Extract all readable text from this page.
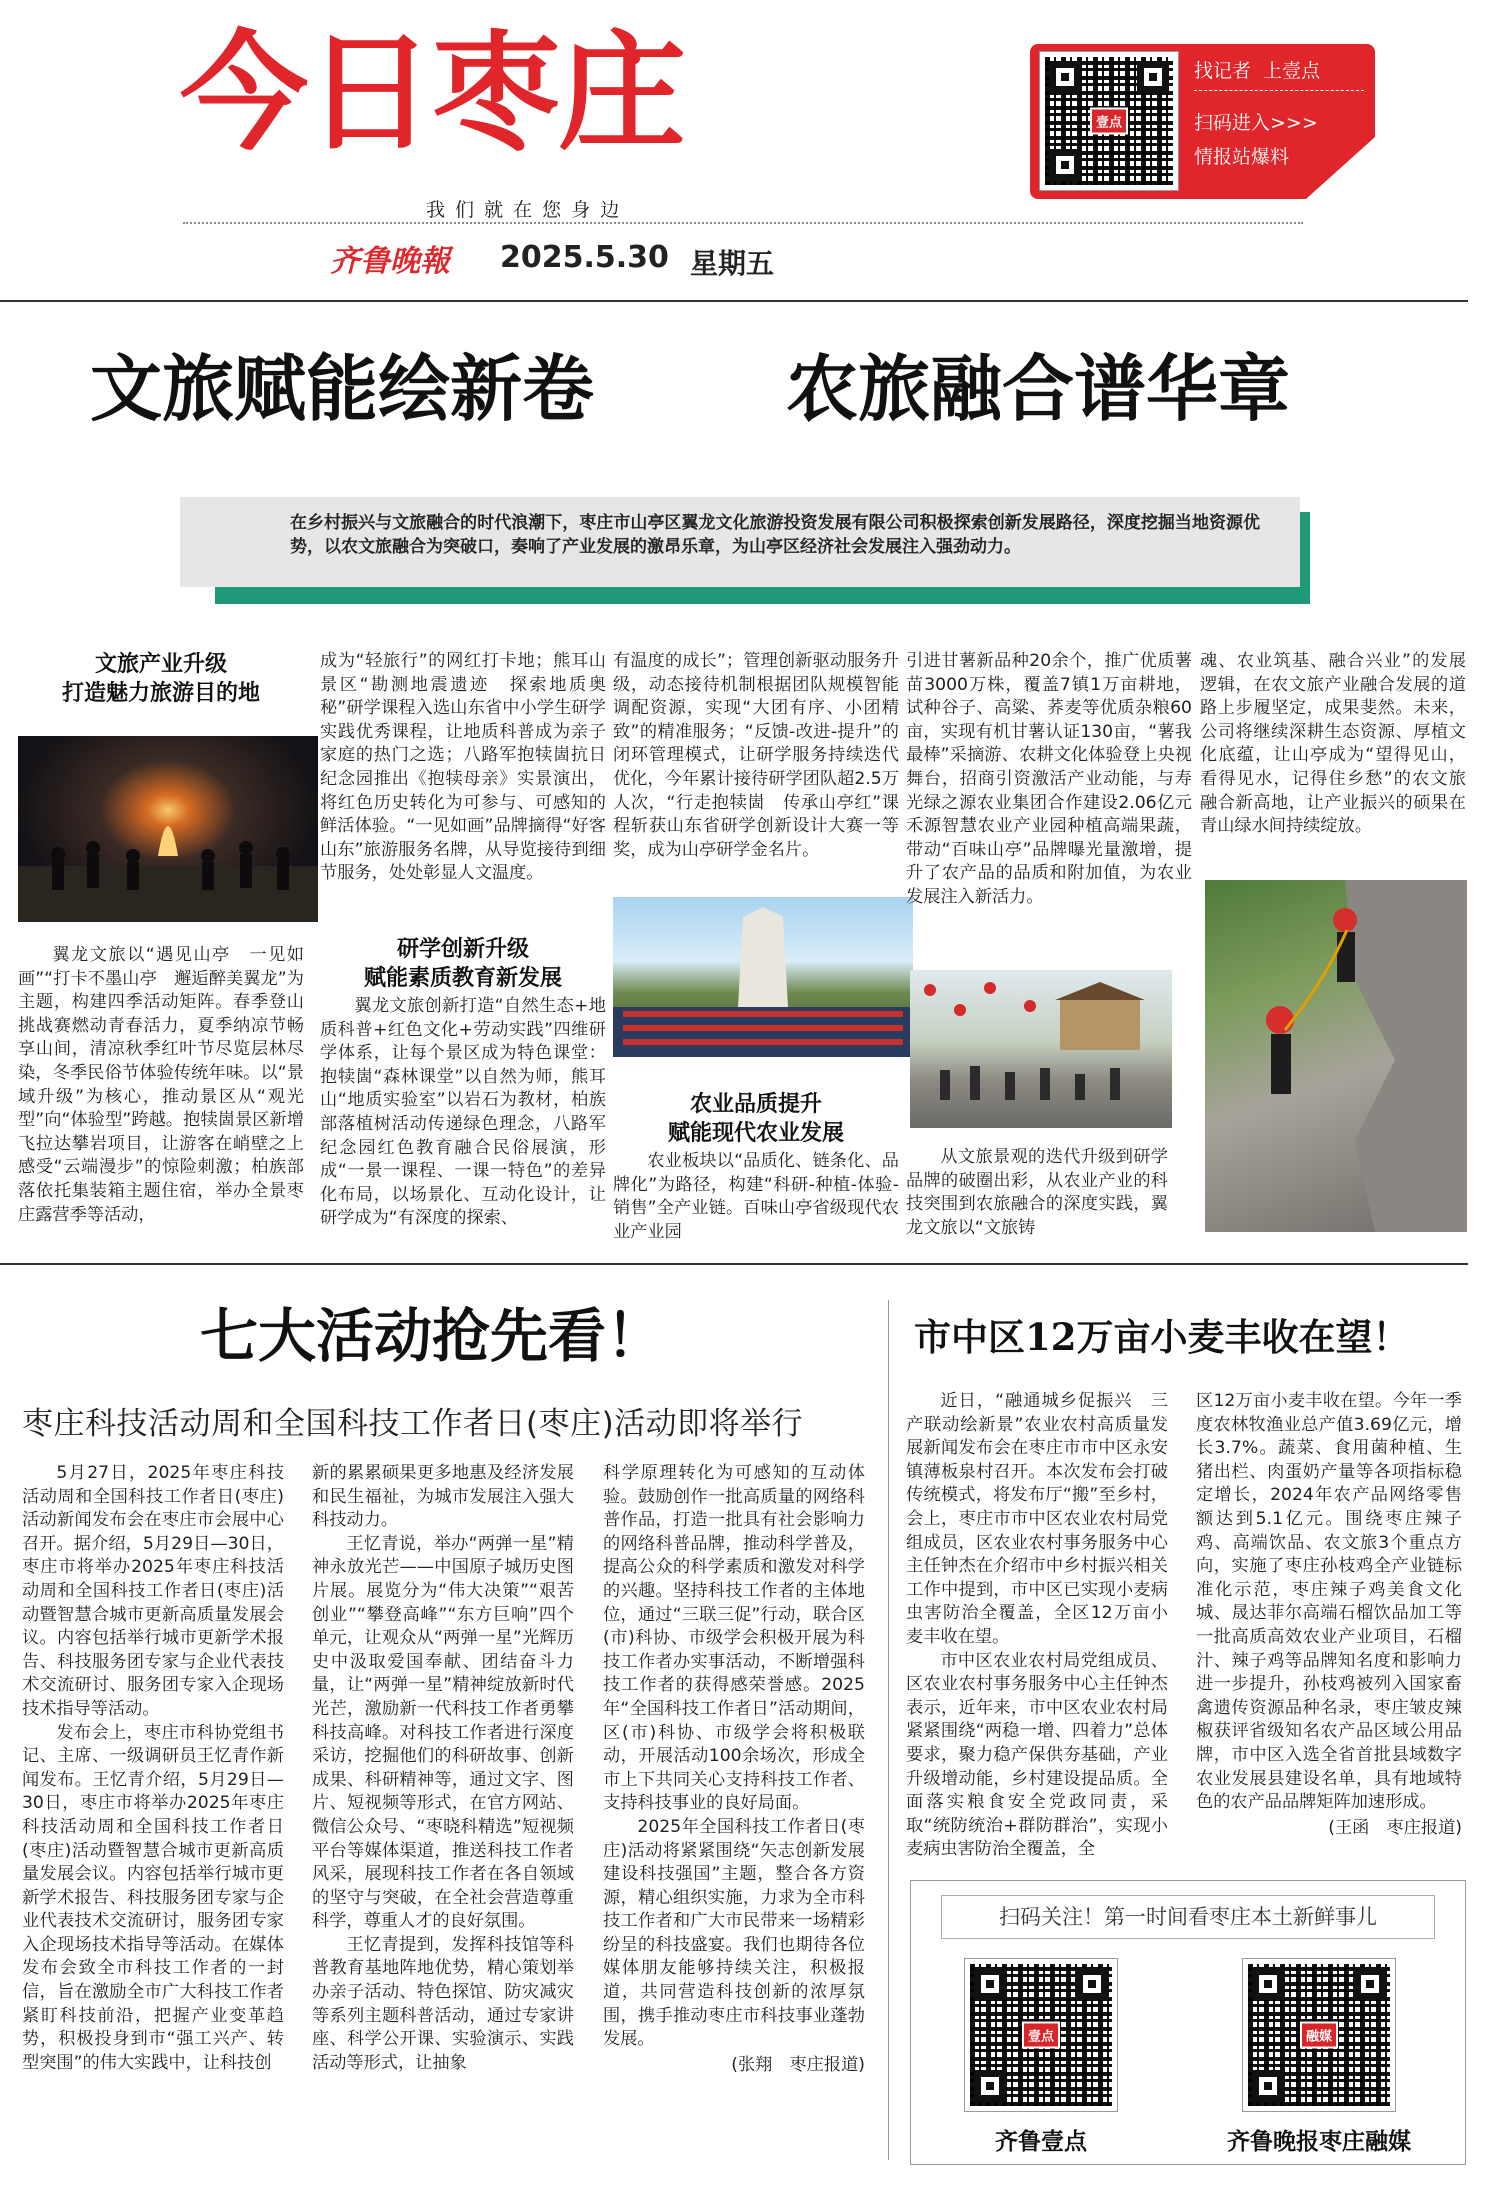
今日枣庄
我 们 就 在 您 身 边
齐鲁晚報 2025.5.30 星期五
壹点
找记者  上壹点
扫码进入>>>
情报站爆料
文旅赋能绘新卷	农旅融合谱华章
在乡村振兴与文旅融合的时代浪潮下，枣庄市山亭区翼龙文化旅游投资发展有限公司积极探索创新发展路径，深度挖掘当地资源优势，以农文旅融合为突破口，奏响了产业发展的激昂乐章，为山亭区经济社会发展注入强劲动力。
文旅产业升级
打造魅力旅游目的地

翼龙文旅以“遇见山亭　一见如画”“打卡不墨山亭　邂逅醉美翼龙”为主题，构建四季活动矩阵。春季登山挑战赛燃动青春活力，夏季纳凉节畅享山间，清凉秋季红叶节尽览层林尽染，冬季民俗节体验传统年味。以“景域升级”为核心，推动景区从“观光型”向“体验型”跨越。抱犊崮景区新增飞拉达攀岩项目，让游客在峭壁之上感受“云端漫步”的惊险刺激；柏族部落依托集装箱主题住宿，举办全景枣庄露营季等活动，

成为“轻旅行”的网红打卡地；熊耳山景区“勘测地震遗迹　探索地质奥秘”研学课程入选山东省中小学生研学实践优秀课程，让地质科普成为亲子家庭的热门之选；八路军抱犊崮抗日纪念园推出《抱犊母亲》实景演出，将红色历史转化为可参与、可感知的鲜活体验。“一见如画”品牌摘得“好客山东”旅游服务名牌，从导览接待到细节服务，处处彰显人文温度。
研学创新升级
赋能素质教育新发展

翼龙文旅创新打造“自然生态+地质科普+红色文化+劳动实践”四维研学体系，让每个景区成为特色课堂：抱犊崮“森林课堂”以自然为师，熊耳山“地质实验室”以岩石为教材，柏族部落植树活动传递绿色理念，八路军纪念园红色教育融合民俗展演，形成“一景一课程、一课一特色”的差异化布局，以场景化、互动化设计，让研学成为“有深度的探索、

有温度的成长”；管理创新驱动服务升级，动态接待机制根据团队规模智能调配资源，实现“大团有序、小团精致”的精准服务；“反馈-改进-提升”的闭环管理模式，让研学服务持续迭代优化，今年累计接待研学团队超2.5万人次，“行走抱犊崮　传承山亭红”课程斩获山东省研学创新设计大赛一等奖，成为山亭研学金名片。
农业品质提升
赋能现代农业发展

农业板块以“品质化、链条化、品牌化”为路径，构建“科研-种植-体验-销售”全产业链。百味山亭省级现代农业产业园

引进甘薯新品种20余个，推广优质薯苗3000万株，覆盖7镇1万亩耕地，试种谷子、高粱、荞麦等优质杂粮60亩，实现有机甘薯认证130亩，“薯我最棒”采摘游、农耕文化体验登上央视舞台，招商引资激活产业动能，与寿光绿之源农业集团合作建设2.06亿元禾源智慧农业产业园种植高端果蔬，带动“百味山亭”品牌曝光量激增，提升了农产品的品质和附加值，为农业发展注入新活力。

从文旅景观的迭代升级到研学品牌的破圈出彩，从农业产业的科技突围到农旅融合的深度实践，翼龙文旅以“文旅铸

魂、农业筑基、融合兴业”的发展逻辑，在农文旅产业融合发展的道路上步履坚定，成果斐然。未来，公司将继续深耕生态资源、厚植文化底蕴，让山亭成为“望得见山，看得见水，记得住乡愁”的农文旅融合新高地，让产业振兴的硕果在青山绿水间持续绽放。
七大活动抢先看！
枣庄科技活动周和全国科技工作者日(枣庄)活动即将举行

5月27日，2025年枣庄科技活动周和全国科技工作者日(枣庄)活动新闻发布会在枣庄市会展中心召开。据介绍，5月29日—30日，枣庄市将举办2025年枣庄科技活动周和全国科技工作者日(枣庄)活动暨智慧合城市更新高质量发展会议。内容包括举行城市更新学术报告、科技服务团专家与企业代表技术交流研讨、服务团专家入企现场技术指导等活动。

发布会上，枣庄市科协党组书记、主席、一级调研员王忆青作新闻发布。王忆青介绍，5月29日—30日，枣庄市将举办2025年枣庄科技活动周和全国科技工作者日(枣庄)活动暨智慧合城市更新高质量发展会议。内容包括举行城市更新学术报告、科技服务团专家与企业代表技术交流研讨，服务团专家入企现场技术指导等活动。在媒体发布会致全市科技工作者的一封信，旨在激励全市广大科技工作者紧盯科技前沿，把握产业变革趋势，积极投身到市“强工兴产、转型突围”的伟大实践中，让科技创

新的累累硕果更多地惠及经济发展和民生福祉，为城市发展注入强大科技动力。

王忆青说，举办“两弹一星”精神永放光芒——中国原子城历史图片展。展览分为“伟大决策”“艰苦创业”“攀登高峰”“东方巨响”四个单元，让观众从“两弹一星”光辉历史中汲取爱国奉献、团结奋斗力量，让“两弹一星”精神绽放新时代光芒，激励新一代科技工作者勇攀科技高峰。对科技工作者进行深度采访，挖掘他们的科研故事、创新成果、科研精神等，通过文字、图片、短视频等形式，在官方网站、微信公众号、“枣晓科精选”短视频平台等媒体渠道，推送科技工作者风采，展现科技工作者在各自领域的坚守与突破，在全社会营造尊重科学，尊重人才的良好氛围。

王忆青提到，发挥科技馆等科普教育基地阵地优势，精心策划举办亲子活动、特色探馆、防灾减灾等系列主题科普活动，通过专家讲座、科学公开课、实验演示、实践活动等形式，让抽象

科学原理转化为可感知的互动体验。鼓励创作一批高质量的网络科普作品，打造一批具有社会影响力的网络科普品牌，推动科学普及，提高公众的科学素质和激发对科学的兴趣。坚持科技工作者的主体地位，通过“三联三促”行动，联合区(市)科协、市级学会积极开展为科技工作者办实事活动，不断增强科技工作者的获得感荣誉感。2025年“全国科技工作者日”活动期间，区(市)科协、市级学会将积极联动，开展活动100余场次，形成全市上下共同关心支持科技工作者、支持科技事业的良好局面。

2025年全国科技工作者日(枣庄)活动将紧紧围绕“矢志创新发展　建设科技强国”主题，整合各方资源，精心组织实施，力求为全市科技工作者和广大市民带来一场精彩纷呈的科技盛宴。我们也期待各位媒体朋友能够持续关注，积极报道，共同营造科技创新的浓厚氛围，携手推动枣庄市科技事业蓬勃发展。

(张翔　枣庄报道)
市中区12万亩小麦丰收在望！

近日，“融通城乡促振兴　三产联动绘新景”农业农村高质量发展新闻发布会在枣庄市市中区永安镇薄板泉村召开。本次发布会打破传统模式，将发布厅“搬”至乡村，会上，枣庄市市中区农业农村局党组成员，区农业农村事务服务中心主任钟杰在介绍市中乡村振兴相关工作中提到，市中区已实现小麦病虫害防治全覆盖，全区12万亩小麦丰收在望。

市中区农业农村局党组成员、区农业农村事务服务中心主任钟杰表示，近年来，市中区农业农村局紧紧围绕“两稳一增、四着力”总体要求，聚力稳产保供夯基础，产业升级增动能，乡村建设提品质。全面落实粮食安全党政同责，采取“统防统治+群防群治”，实现小麦病虫害防治全覆盖，全

区12万亩小麦丰收在望。今年一季度农林牧渔业总产值3.69亿元，增长3.7%。蔬菜、食用菌种植、生猪出栏、肉蛋奶产量等各项指标稳定增长，2024年农产品网络零售额达到5.1亿元。围绕枣庄辣子鸡、高端饮品、农文旅3个重点方向，实施了枣庄孙枝鸡全产业链标准化示范，枣庄辣子鸡美食文化城、晟达菲尔高端石榴饮品加工等一批高质高效农业产业项目，石榴汁、辣子鸡等品牌知名度和影响力进一步提升，孙枝鸡被列入国家畜禽遗传资源品种名录，枣庄皱皮辣椒获评省级知名农产品区域公用品牌，市中区入选全省首批县域数字农业发展县建设名单，具有地域特色的农产品品牌矩阵加速形成。
(王函　枣庄报道)
扫码关注！第一时间看枣庄本土新鲜事儿
壹点
齐鲁壹点
融媒
齐鲁晚报枣庄融媒
